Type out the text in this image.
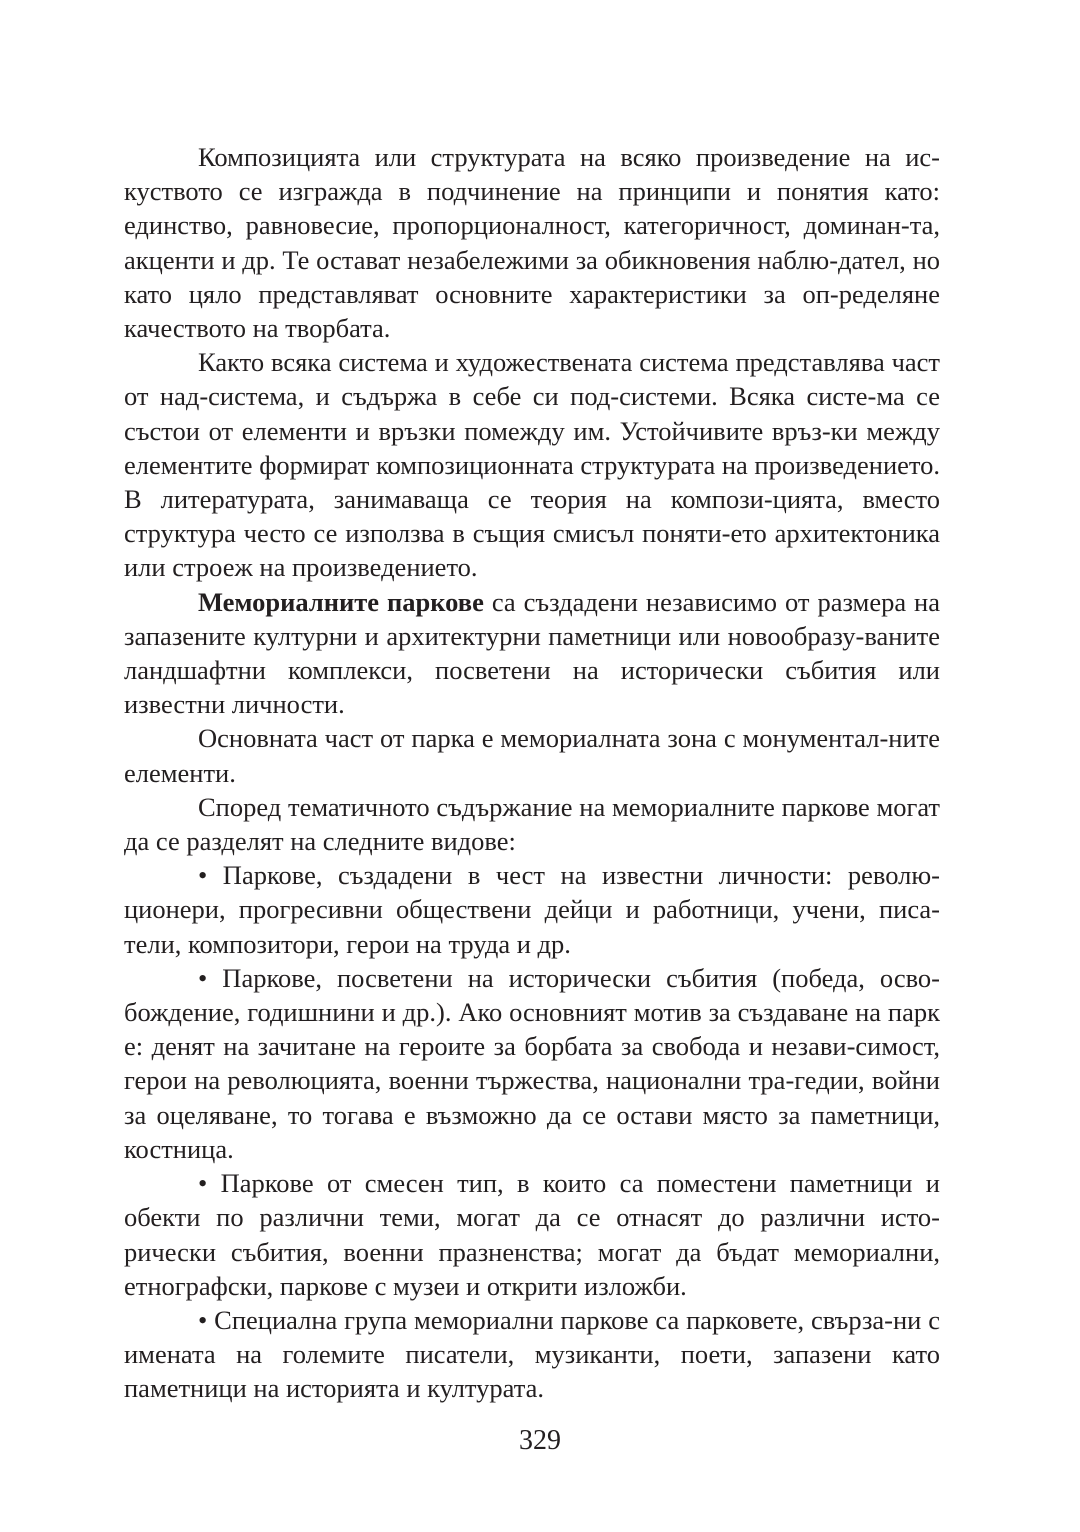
Композицията или структурата на всяко произведение на ис-куството се изгражда в подчинение на принципи и понятия като: единство, равновесие, пропорционалност, категоричност, доминан-та, акценти и др. Те остават незабележими за обикновения наблю-дател, но като цяло представляват основните характеристики за оп-ределяне качеството на творбата.

Както всяка система и художествената система представлява част от над-система, и съдържа в себе си под-системи. Всяка систе-ма се състои от елементи и връзки помежду им. Устойчивите връз-ки между елементите формират композиционната структурата на произведението. В литературата, занимаваща се теория на компози-цията, вместо структура често се използва в същия смисъл поняти-ето архитектоника или строеж на произведението.

Мемориалните паркове са създадени независимо от размера на запазените културни и архитектурни паметници или новообразу-ваните ландшафтни комплекси, посветени на исторически събития или известни личности.

Основната част от парка е мемориалната зона с монументал-ните елементи.

Според тематичното съдържание на мемориалните паркове могат да се разделят на следните видове:

• Паркове, създадени в чест на известни личности: револю-ционери, прогресивни обществени дейци и работници, учени, писа-тели, композитори, герои на труда и др.

• Паркове, посветени на исторически събития (победа, осво-бождение, годишнини и др.). Ако основният мотив за създаване на парк е: денят на зачитане на героите за борбата за свобода и незави-симост, герои на революцията, военни тържества, национални тра-гедии, войни за оцеляване, то тогава е възможно да се остави място за паметници, костница.

• Паркове от смесен тип, в които са поместени паметници и обекти по различни теми, могат да се отнасят до различни исто-рически събития, военни празненства; могат да бъдат мемориални, етнографски, паркове с музеи и открити изложби.

• Специална група мемориални паркове са парковете, свърза-ни с имената на големите писатели, музиканти, поети, запазени като паметници на историята и културата.

329
